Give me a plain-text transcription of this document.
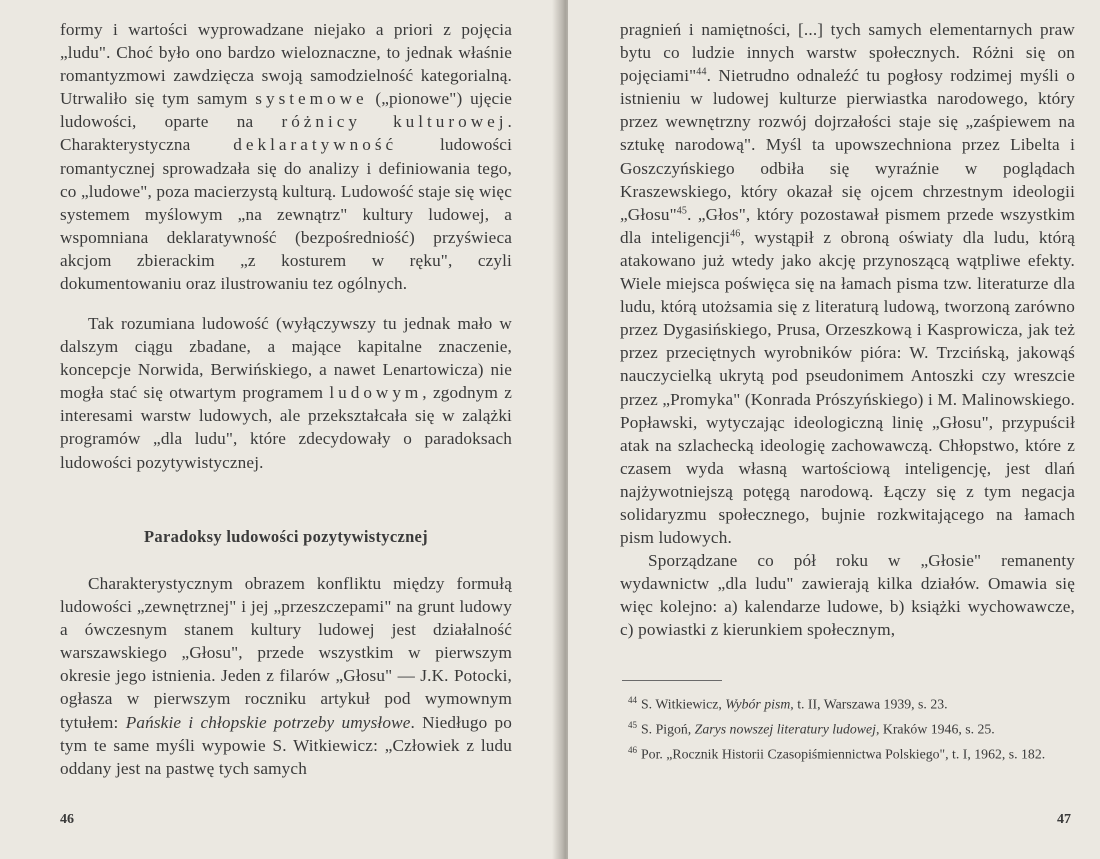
formy i wartości wyprowadzane niejako a priori z pojęcia „ludu". Choć było ono bardzo wieloznaczne, to jednak właśnie romantyzmowi zawdzięcza swoją samodzielność kategorialną. Utrwaliło się tym samym systemowe („pionowe") ujęcie ludowości, oparte na różnicy kulturowej. Charakterystyczna deklaratywność ludowości romantycznej sprowadzała się do analizy i definiowania tego, co „ludowe", poza macierzystą kulturą. Ludowość staje się więc systemem myślowym „na zewnątrz" kultury ludowej, a wspomniana deklaratywność (bezpośredniość) przyświeca akcjom zbierackim „z kosturem w ręku", czyli dokumentowaniu oraz ilustrowaniu tez ogólnych.

Tak rozumiana ludowość (wyłączywszy tu jednak mało w dalszym ciągu zbadane, a mające kapitalne znaczenie, koncepcje Norwida, Berwińskiego, a nawet Lenartowicza) nie mogła stać się otwartym programem ludowym, zgodnym z interesami warstw ludowych, ale przekształcała się w zalążki programów „dla ludu", które zdecydowały o paradoksach ludowości pozytywistycznej.

Paradoksy ludowości pozytywistycznej

Charakterystycznym obrazem konfliktu między formułą ludowości „zewnętrznej" i jej „przeszczepami" na grunt ludowy a ówczesnym stanem kultury ludowej jest działalność warszawskiego „Głosu", przede wszystkim w pierwszym okresie jego istnienia. Jeden z filarów „Głosu" — J.K. Potocki, ogłasza w pierwszym roczniku artykuł pod wymownym tytułem: Pańskie i chłopskie potrzeby umysłowe. Niedługo po tym te same myśli wypowie S. Witkiewicz: „Człowiek z ludu oddany jest na pastwę tych samych

46

pragnień i namiętności, [...] tych samych elementarnych praw bytu co ludzie innych warstw społecznych. Różni się on pojęciami"$^{44}$. Nietrudno odnaleźć tu pogłosy rodzimej myśli o istnieniu w ludowej kulturze pierwiastka narodowego, który przez wewnętrzny rozwój dojrzałości staje się „zaśpiewem na sztukę narodową". Myśl ta upowszechniona przez Libelta i Goszczyńskiego odbiła się wyraźnie w poglądach Kraszewskiego, który okazał się ojcem chrzestnym ideologii „Głosu"$^{45}$. „Głos", który pozostawał pismem przede wszystkim dla inteligencji$^{46}$, wystąpił z obroną oświaty dla ludu, którą atakowano już wtedy jako akcję przynoszącą wątpliwe efekty. Wiele miejsca poświęca się na łamach pisma tzw. literaturze dla ludu, którą utożsamia się z literaturą ludową, tworzoną zarówno przez Dygasińskiego, Prusa, Orzeszkową i Kasprowicza, jak też przez przeciętnych wyrobników pióra: W. Trzcińską, jakowąś nauczycielką ukrytą pod pseudonimem Antoszki czy wreszcie przez „Promyka" (Konrada Prószyńskiego) i M. Malinowskiego. Popławski, wytyczając ideologiczną linię „Głosu", przypuścił atak na szlachecką ideologię zachowawczą. Chłopstwo, które z czasem wyda własną wartościową inteligencję, jest dlań najżywotniejszą potęgą narodową. Łączy się z tym negacja solidaryzmu społecznego, bujnie rozkwitającego na łamach pism ludowych.

Sporządzane co pół roku w „Głosie" remanenty wydawnictw „dla ludu" zawierają kilka działów. Omawia się więc kolejno: a) kalendarze ludowe, b) książki wychowawcze, c) powiastki z kierunkiem społecznym,

$^{44}$ S. Witkiewicz, Wybór pism, t. II, Warszawa 1939, s. 23.

$^{45}$ S. Pigoń, Zarys nowszej literatury ludowej, Kraków 1946, s. 25.

$^{46}$ Por. „Rocznik Historii Czasopiśmiennictwa Polskiego", t. I, 1962, s. 182.

47
